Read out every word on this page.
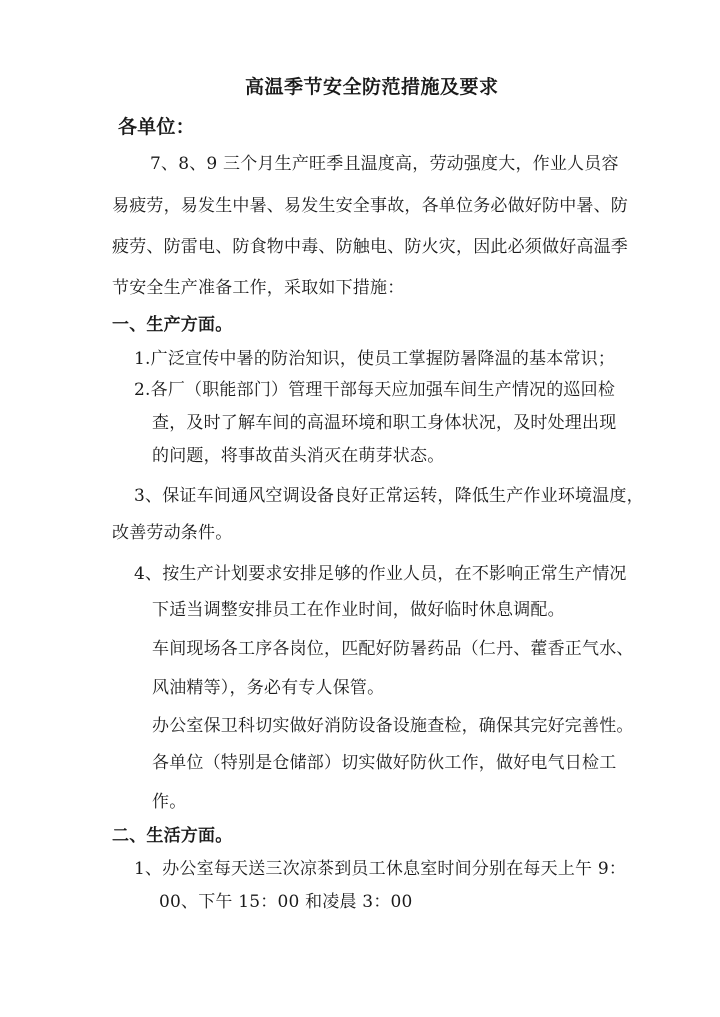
高温季节安全防范措施及要求
各单位：
7、8、9 三个月生产旺季且温度高，劳动强度大，作业人员容
易疲劳，易发生中暑、易发生安全事故，各单位务必做好防中暑、防
疲劳、防雷电、防食物中毒、防触电、防火灾，因此必须做好高温季
节安全生产准备工作，采取如下措施：
一、生产方面。
1.广泛宣传中暑的防治知识，使员工掌握防暑降温的基本常识；
2.各厂（职能部门）管理干部每天应加强车间生产情况的巡回检
查，及时了解车间的高温环境和职工身体状况，及时处理出现
的问题，将事故苗头消灭在萌芽状态。
3、保证车间通风空调设备良好正常运转，降低生产作业环境温度，
改善劳动条件。
4、按生产计划要求安排足够的作业人员，在不影响正常生产情况
下适当调整安排员工在作业时间，做好临时休息调配。
车间现场各工序各岗位，匹配好防暑药品（仁丹、藿香正气水、
风油精等），务必有专人保管。
办公室保卫科切实做好消防设备设施查检，确保其完好完善性。
各单位（特别是仓储部）切实做好防伙工作，做好电气日检工
作。
二、生活方面。
1、办公室每天送三次凉茶到员工休息室时间分别在每天上午 9：
00、下午 15：00 和凌晨 3：00
